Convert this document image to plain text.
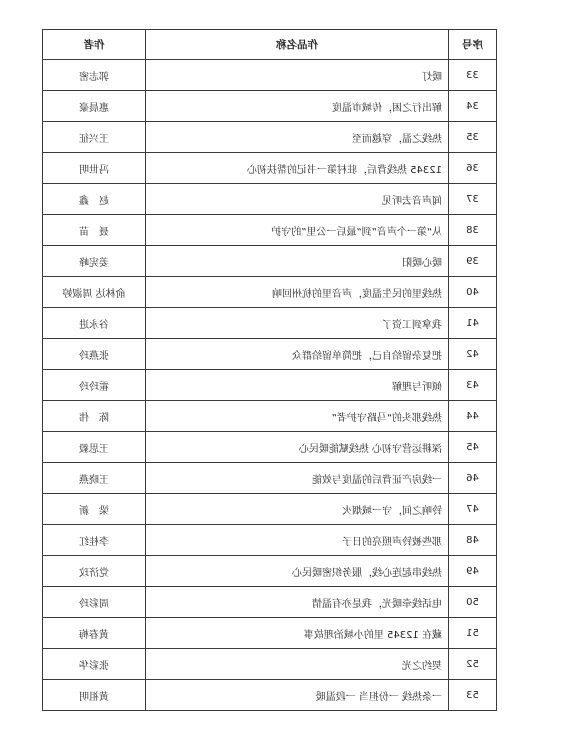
序号	作品名称	作者
33	暖灯	郭志密
34	解出行之困，传城市温度	惠晨豪
35	热线之温，穿越而至	王兴征
36	12345 热线背后，驻村第一书记的帮扶初心	冯世明
37	闻声音去听见	赵　鑫
38	从“第一个声音”到“最后一公里”的守护	聂　苗
39	暖心暖阳	姜宪峰
40	热线里的民生温度，声音里的杭州回响	俞林达 周淑婷
41	我拿到工资了	谷永进
42	把复杂留给自己，把简单留给群众	张燕玲
43	倾听与理解	霍玲玲
44	热线那头的“马路守护者”	陈　伟
45	深耕运营守初心 热线赋能暖民心	王思毅
46	一线房产证背后的温度与效能	王晓燕
47	铃响之间，守一城烟火	梁　新
48	那些被铃声照亮的日子	李桂红
49	热线串起连心线，服务织密暖民心	党济玟
50	电话线牵暖光，我是亦有温情	周彩玲
51	藏在 12345 里的小城治理故事	黄春梅
52	契约之光	张彩华
53	一条热线 一份担当 一段温暖	黄祖明
